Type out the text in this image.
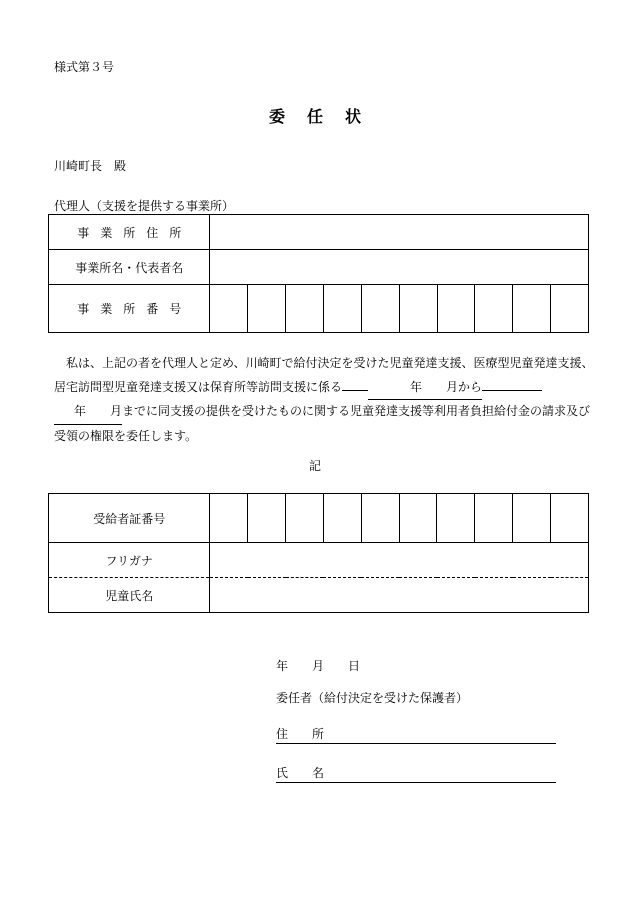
様式第３号
委 任 状
川崎町長　殿
代理人（支援を提供する事業所）
事業所住所										
事業所名・代表者名										
事業所番号										

私は、上記の者を代理人と定め、川崎町で給付決定を受けた児童発達支援、医療型児童発達支援、居宅訪問型児童発達支援又は保育所等訪問支援に係る	年　　月から年　　月までに同支援の提供を受けたものに関する児童発達支援等利用者負担給付金の請求及び受領の権限を委任します。

記
受給者証番号										
フリガナ										
児童氏名										
年　　月　　日
委任者（給付決定を受けた保護者）
住　　所
氏　　名
